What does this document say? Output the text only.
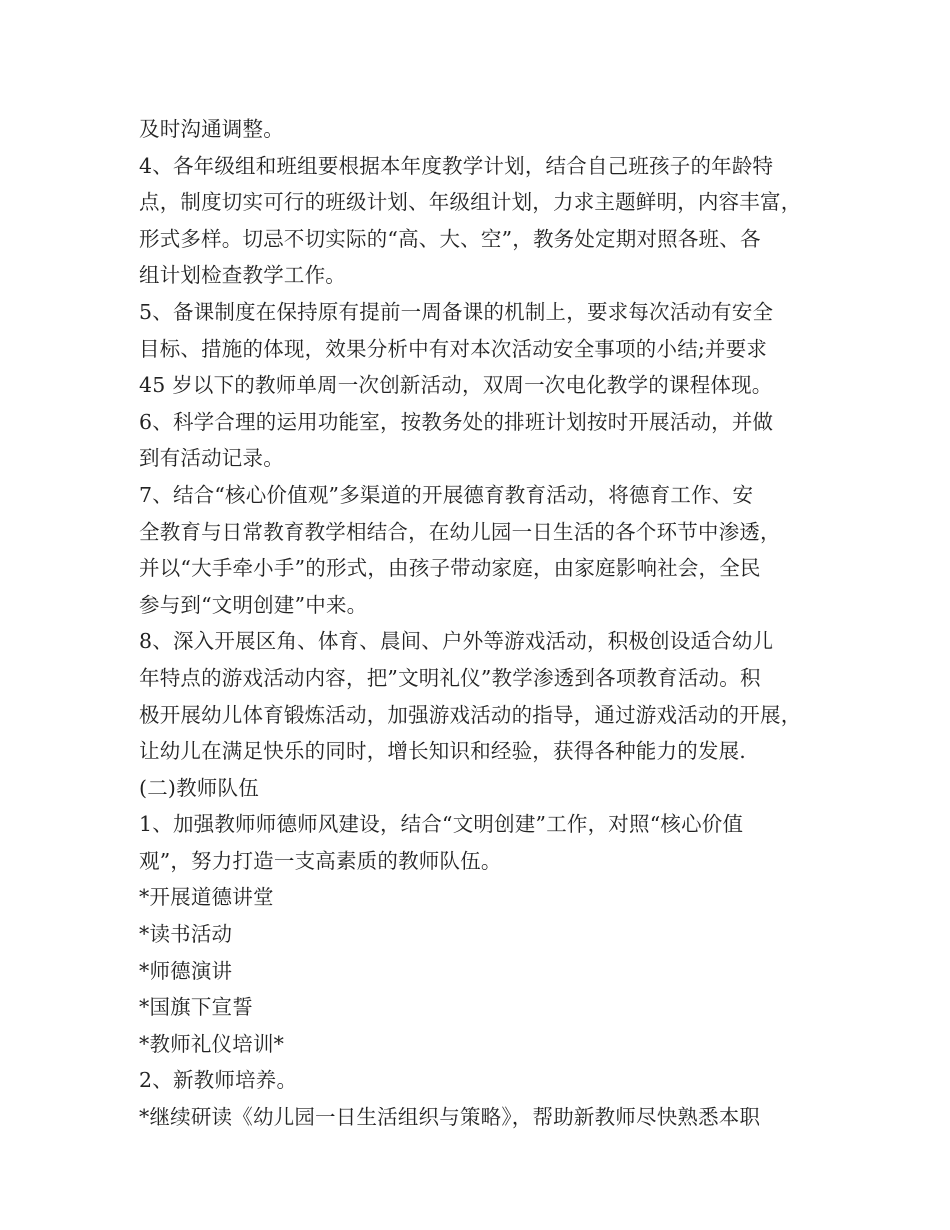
及时沟通调整。
4、各年级组和班组要根据本年度教学计划，结合自己班孩子的年龄特
点，制度切实可行的班级计划、年级组计划，力求主题鲜明，内容丰富，
形式多样。切忌不切实际的“高、大、空”，教务处定期对照各班、各
组计划检查教学工作。
5、备课制度在保持原有提前一周备课的机制上，要求每次活动有安全
目标、措施的体现，效果分析中有对本次活动安全事项的小结;并要求
45 岁以下的教师单周一次创新活动，双周一次电化教学的课程体现。
6、科学合理的运用功能室，按教务处的排班计划按时开展活动，并做
到有活动记录。
7、结合“核心价值观”多渠道的开展德育教育活动，将德育工作、安
全教育与日常教育教学相结合，在幼儿园一日生活的各个环节中渗透，
并以“大手牵小手”的形式，由孩子带动家庭，由家庭影响社会，全民
参与到“文明创建”中来。
8、深入开展区角、体育、晨间、户外等游戏活动，积极创设适合幼儿
年特点的游戏活动内容，把”文明礼仪”教学渗透到各项教育活动。积
极开展幼儿体育锻炼活动，加强游戏活动的指导，通过游戏活动的开展，
让幼儿在满足快乐的同时，增长知识和经验，获得各种能力的发展.
(二)教师队伍
1、加强教师师德师风建设，结合“文明创建”工作，对照“核心价值
观”，努力打造一支高素质的教师队伍。
*开展道德讲堂
*读书活动
*师德演讲
*国旗下宣誓
*教师礼仪培训*
2、新教师培养。
*继续研读《幼儿园一日生活组织与策略》，帮助新教师尽快熟悉本职
